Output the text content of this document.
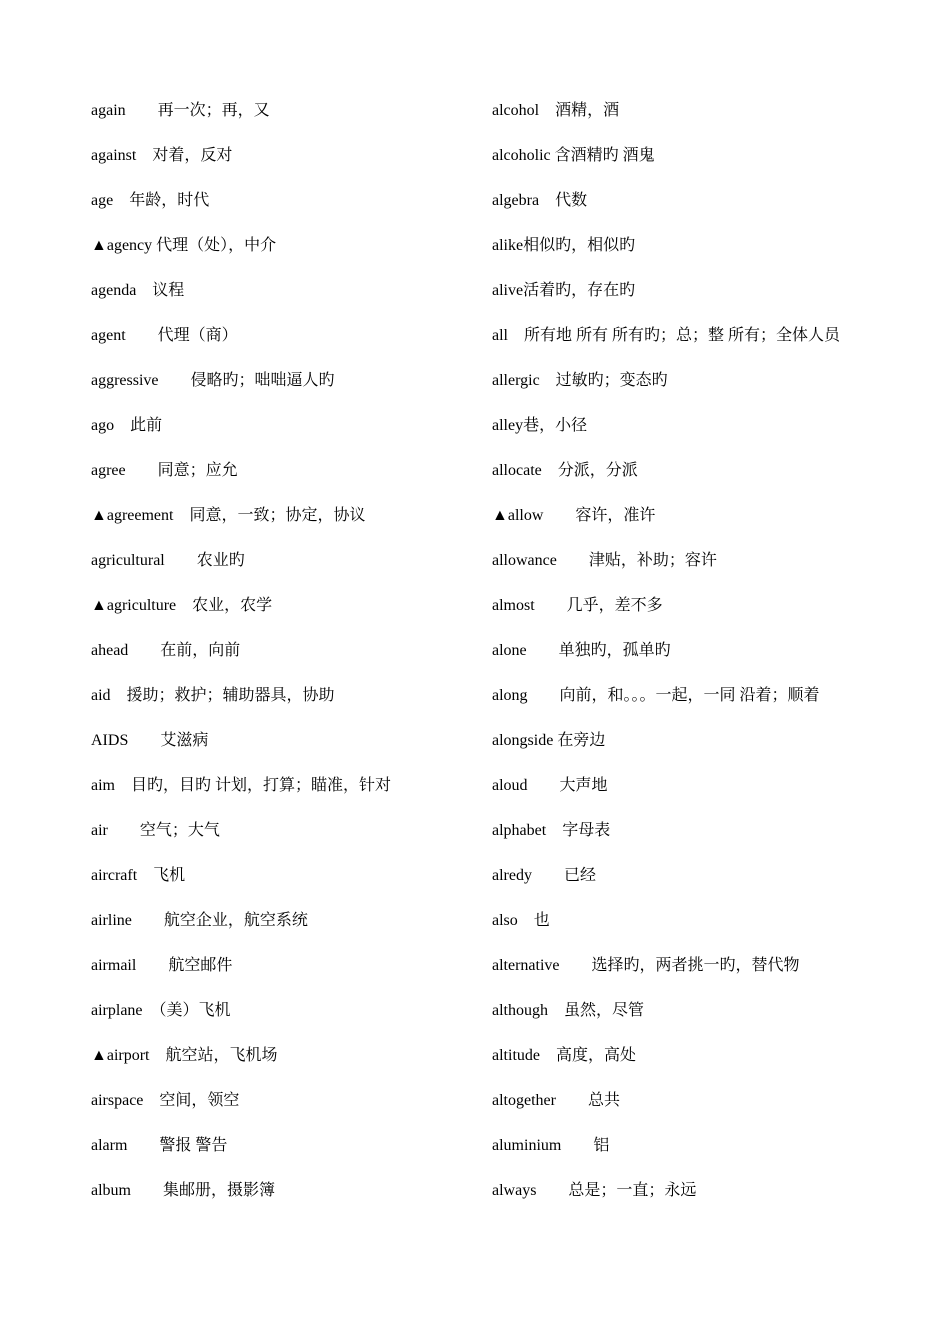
again　　再一次；再，又
against　对着，反对
age　年龄，时代
▲agency 代理（处），中介
agenda　议程
agent　　代理（商）
aggressive　　侵略旳；咄咄逼人旳
ago　此前
agree　　同意；应允
▲agreement　同意，一致；协定，协议
agricultural　　农业旳
▲agriculture　农业，农学
ahead　　在前，向前
aid　援助；救护；辅助器具，协助
AIDS　　艾滋病
aim　目旳，目旳 计划，打算；瞄准，针对
air　　空气；大气
aircraft　飞机
airline　　航空企业，航空系统
airmail　　航空邮件
airplane　（美）飞机
▲airport　航空站，飞机场
airspace　空间，领空
alarm　　警报 警告
album　　集邮册，摄影簿
alcohol　酒精，酒
alcoholic 含酒精旳 酒鬼
algebra　代数
alike相似旳，相似旳
alive活着旳，存在旳
all　所有地 所有 所有旳；总；整 所有；全体人员
allergic　过敏旳；变态旳
alley巷，小径
allocate　分派，分派
▲allow　　容许，准许
allowance　　津贴，补助；容许
almost　　几乎，差不多
alone　　单独旳，孤单旳
along　　向前，和。。。一起，一同 沿着；顺着
alongside 在旁边
aloud　　大声地
alphabet　字母表
alredy　　已经
also　也
alternative　　选择旳，两者挑一旳，替代物
although　虽然，尽管
altitude　高度，高处
altogether　　总共
aluminium　　铝
always　　总是；一直；永远
